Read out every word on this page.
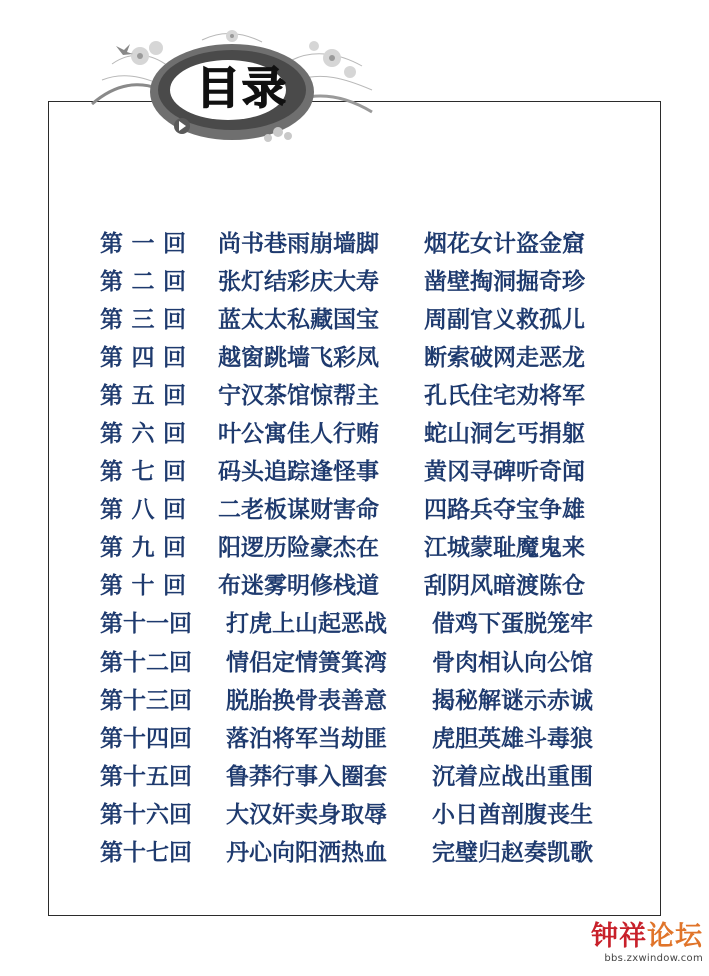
目录
第一回	尚书巷雨崩墙脚	烟花女计盗金窟
第二回	张灯结彩庆大寿	凿壁掏洞掘奇珍
第三回	蓝太太私藏国宝	周副官义救孤儿
第四回	越窗跳墙飞彩凤	断索破网走恶龙
第五回	宁汉茶馆惊帮主	孔氏住宅劝将军
第六回	叶公寓佳人行贿	蛇山洞乞丐捐躯
第七回	码头追踪逢怪事	黄冈寻碑听奇闻
第八回	二老板谋财害命	四路兵夺宝争雄
第九回	阳逻历险豪杰在	江城蒙耻魔鬼来
第十回	布迷雾明修栈道	刮阴风暗渡陈仓
第十一回	打虎上山起恶战	借鸡下蛋脱笼牢
第十二回	情侣定情箦箕湾	骨肉相认向公馆
第十三回	脱胎换骨表善意	揭秘解谜示赤诚
第十四回	落泊将军当劫匪	虎胆英雄斗毒狼
第十五回	鲁莽行事入圈套	沉着应战出重围
第十六回	大汉奸卖身取辱	小日酋剖腹丧生
第十七回	丹心向阳洒热血	完璧归赵奏凯歌
钟祥论坛
bbs.zxwindow.com
